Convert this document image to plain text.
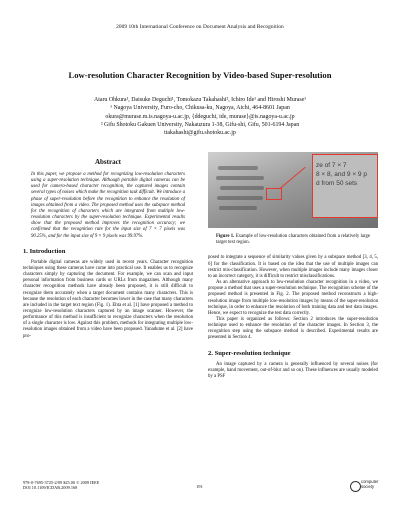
2009 10th International Conference on Document Analysis and Recognition
Low-resolution Character Recognition by Video-based Super-resolution
Ataru Ohkura¹, Daisuke Deguchi¹, Tomokazu Takahashi², Ichiro Ide¹ and Hiroshi Murase¹
¹ Nagoya University, Furo-cho, Chikusa-ku, Nagoya, Aichi, 464-8601 Japan
okura@murase.m.is.nagoya-u.ac.jp, {ddeguchi, ide, murase}@is.nagoya-u.ac.jp
² Gifu Shotoku Gakuen University, Nakauzura 1-38, Gifu-shi, Gifu, 501-6194 Japan
ttakahashi@gifu.shotoku.ac.jp
Abstract

In this paper, we propose a method for recognizing low-resolution characters using a super-resolution technique. Although portable digital cameras can be used for camera-based character recognition, the captured images contain several types of noises which make the recognition task difficult. We introduce a phase of super-resolution before the recognition to enhance the resolution of images obtained from a video. The proposed method uses the subspace method for the recognition of characters which are integrated from multiple low-resolution characters by the super-resolution technique. Experimental results show that the proposed method improves the recognition accuracy; we confirmed that the recognition rate for the input size of 7 × 7 pixels was 90.25%, and for the input size of 9 × 9 pixels was 99.97%.

1. Introduction

Portable digital cameras are widely used in recent years. Character recognition techniques using these cameras have come into practical use. It enables us to recognize characters simply by capturing the document. For example, we can scan and input personal information from business cards or URLs from magazines. Although many character recognition methods have already been proposed, it is still difficult to recognize them accurately when a target document contains many characters. This is because the resolution of each character becomes lower in the case that many characters are included in the target text region (Fig. 1). Ehta et al. [1] have proposed a method to recognize low-resolution characters captured by an image scanner. However, the performance of this method is insufficient to recognize characters when the resolution of a single character is low. Against this problem, methods for integrating multiple low-resolution images obtained from a video have been proposed. Yanadume et al. [2] have pro-

ze of 7 × 7
8 × 8, and 9 × 9 p
d from 50 sets
Figure 1. Example of low-resolution characters obtained from a relatively large target text region.

posed to integrate a sequence of similarity values given by a subspace method [3, 4, 5, 6] for the classification. It is based on the idea that the use of multiple images can restrict mis-classification. However, when multiple images include many images closer to an incorrect category, it is difficult to restrict misclassifications.

As an alternative approach to low-resolution character recognition in a video, we propose a method that uses a super-resolution technique. The recognition scheme of the proposed method is presented in Fig. 2. The proposed method reconstructs a high-resolution image from multiple low-resolution images by means of the super-resolution technique, in order to enhance the resolution of both training data and test data images. Hence, we expect to recognize the test data correctly.

This paper is organized as follows: Section 2 introduces the super-resolution technique used to enhance the resolution of the character images. In Section 3, the recognition step using the subspace method is described. Experimental results are presented in Section 4.

2. Super-resolution technique

An image captured by a camera is generally influenced by several noises (for example, hand movement, out-of-blur and so on). These influences are usually modeled by a PSF

978-0-7695-3725-2/09 $25.00 © 2009 IEEE
DOI 10.1109/ICDAR.2009.168	191
computer society
